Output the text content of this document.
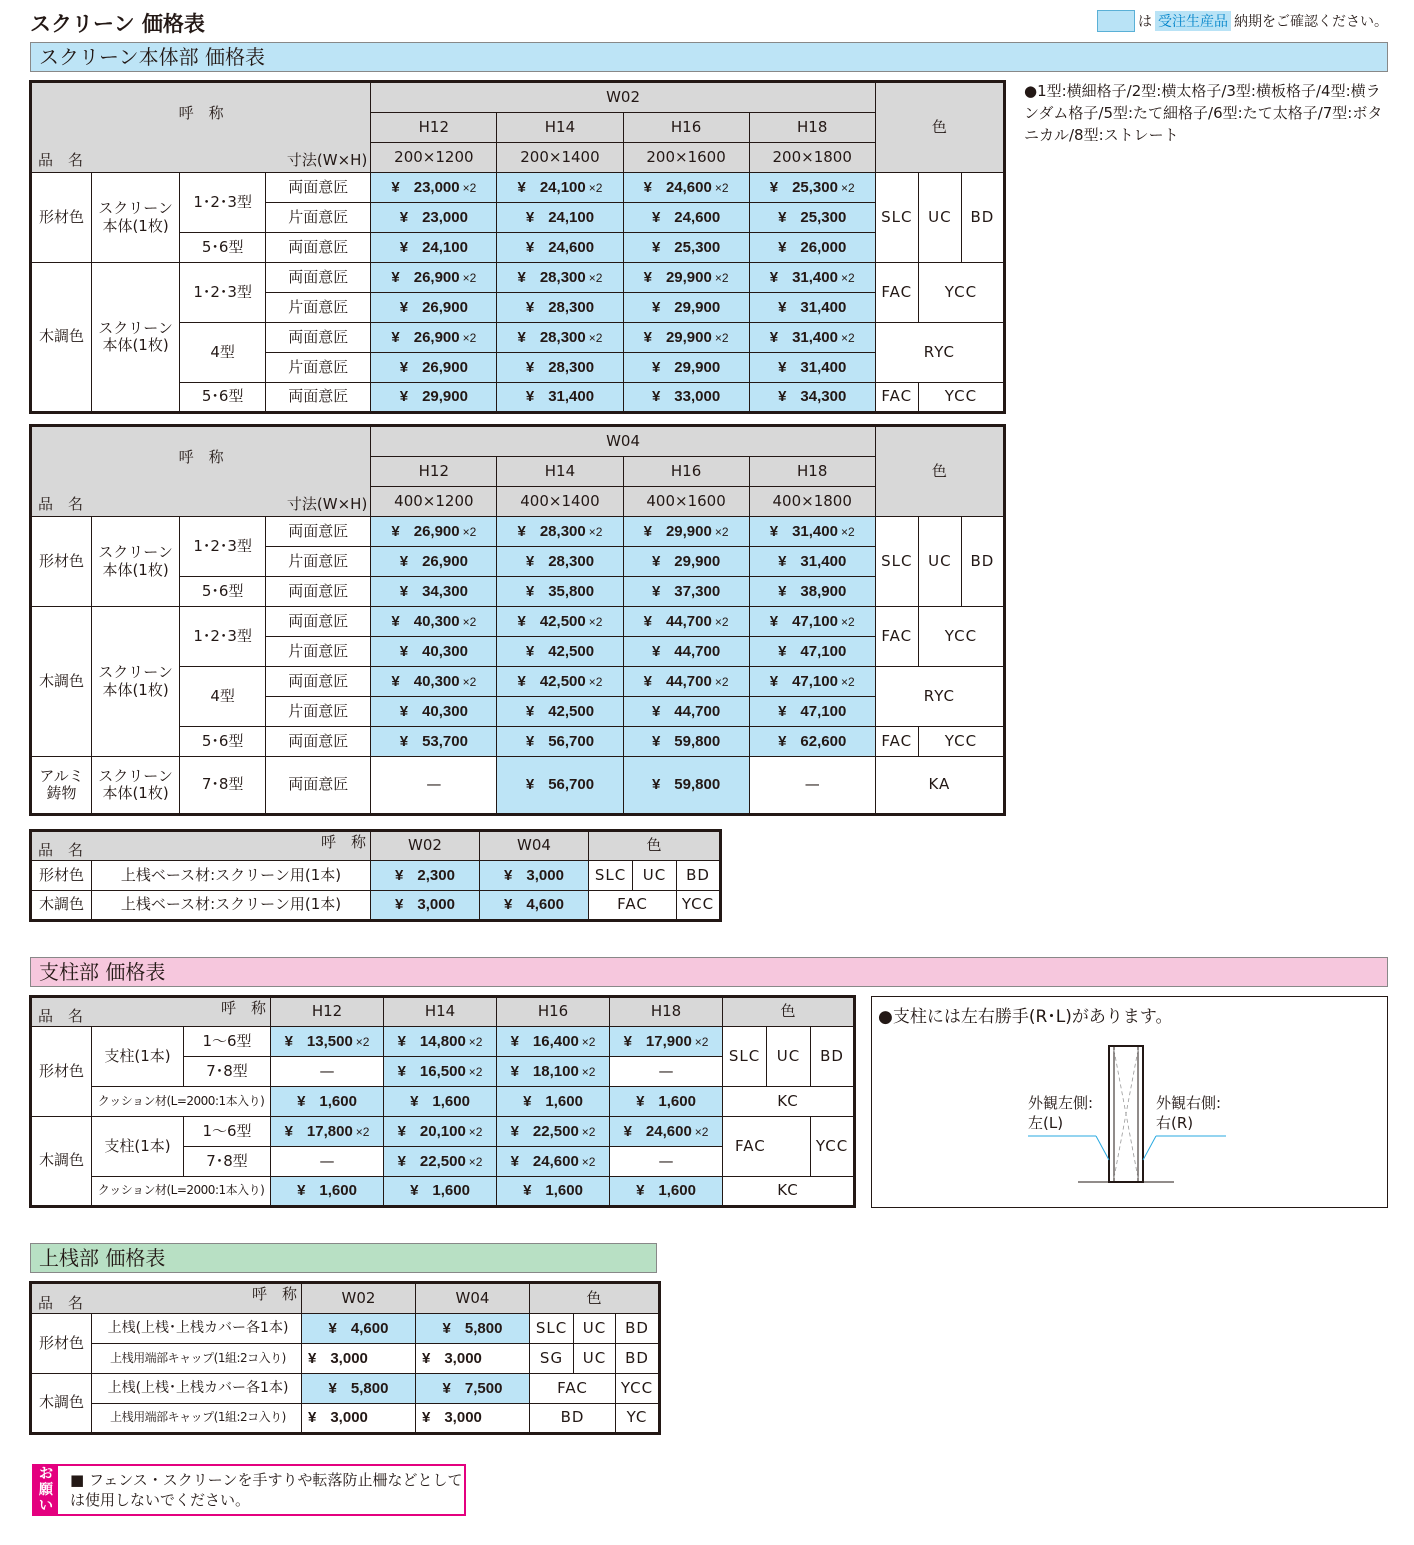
スクリーン 価格表	は 受注生産品 納期をご確認ください。
スクリーン本体部 価格表
呼　称
寸法(W×H)
品　名				W02				色		
				H12	H14	H16	H18			
				200×1200	200×1400	200×1600	200×1800			
形材色	スクリーン本体(1枚)	1･2･3型	両面意匠	¥ 23,000 ×2	¥ 24,100 ×2	¥ 24,600 ×2	¥ 25,300 ×2	SLC	UC	BD
			片面意匠	¥ 23,000	¥ 24,100	¥ 24,600	¥ 25,300			
		5･6型	両面意匠	¥ 24,100	¥ 24,600	¥ 25,300	¥ 26,000			
木調色	スクリーン本体(1枚)	1･2･3型	両面意匠	¥ 26,900 ×2	¥ 28,300 ×2	¥ 29,900 ×2	¥ 31,400 ×2	FAC	YCC	
			片面意匠	¥ 26,900	¥ 28,300	¥ 29,900	¥ 31,400			
		4型	両面意匠	¥ 26,900 ×2	¥ 28,300 ×2	¥ 29,900 ×2	¥ 31,400 ×2	RYC		
			片面意匠	¥ 26,900	¥ 28,300	¥ 29,900	¥ 31,400			
		5･6型	両面意匠	¥ 29,900	¥ 31,400	¥ 33,000	¥ 34,300	FAC	YCC	
呼　称
寸法(W×H)
品　名				W04				色		
				H12	H14	H16	H18			
				400×1200	400×1400	400×1600	400×1800			
形材色	スクリーン本体(1枚)	1･2･3型	両面意匠	¥ 26,900 ×2	¥ 28,300 ×2	¥ 29,900 ×2	¥ 31,400 ×2	SLC	UC	BD
			片面意匠	¥ 26,900	¥ 28,300	¥ 29,900	¥ 31,400			
		5･6型	両面意匠	¥ 34,300	¥ 35,800	¥ 37,300	¥ 38,900			
木調色	スクリーン本体(1枚)	1･2･3型	両面意匠	¥ 40,300 ×2	¥ 42,500 ×2	¥ 44,700 ×2	¥ 47,100 ×2	FAC	YCC	
			片面意匠	¥ 40,300	¥ 42,500	¥ 44,700	¥ 47,100			
		4型	両面意匠	¥ 40,300 ×2	¥ 42,500 ×2	¥ 44,700 ×2	¥ 47,100 ×2	RYC		
			片面意匠	¥ 40,300	¥ 42,500	¥ 44,700	¥ 47,100			
		5･6型	両面意匠	¥ 53,700	¥ 56,700	¥ 59,800	¥ 62,600	FAC	YCC	
アルミ鋳物	スクリーン本体(1枚)	7･8型	両面意匠	—	¥ 56,700	¥ 59,800	—	KA		
呼　称
品　名		W02	W04	色		
形材色	上桟ベース材:スクリーン用(1本)	¥ 2,300	¥ 3,000	SLC	UC	BD
木調色	上桟ベース材:スクリーン用(1本)	¥ 3,000	¥ 4,600	FAC		YCC
●1型:横細格子/2型:横太格子/3型:横板格子/4型:横ランダム格子/5型:たて細格子/6型:たて太格子/7型:ボタニカル/8型:ストレート
支柱部 価格表
呼　称
品　名			H12	H14	H16	H18	色		
形材色	支柱(1本)	1〜6型	¥ 13,500 ×2	¥ 14,800 ×2	¥ 16,400 ×2	¥ 17,900 ×2	SLC	UC	BD
		7･8型	—	¥ 16,500 ×2	¥ 18,100 ×2	—			
	クッション材(L=2000:1本入り)		¥ 1,600	¥ 1,600	¥ 1,600	¥ 1,600	KC		
木調色	支柱(1本)	1〜6型	¥ 17,800 ×2	¥ 20,100 ×2	¥ 22,500 ×2	¥ 24,600 ×2	FAC		YCC
		7･8型	—	¥ 22,500 ×2	¥ 24,600 ×2	—			
	クッション材(L=2000:1本入り)		¥ 1,600	¥ 1,600	¥ 1,600	¥ 1,600	KC		
●支柱には左右勝手(R･L)があります。
外観左側:
左(L)
外観右側:
右(R)
上桟部 価格表
呼　称
品　名		W02	W04	色		
形材色	上桟(上桟･上桟カバー各1本)	¥ 4,600	¥ 5,800	SLC	UC	BD
	上桟用端部キャップ(1組:2コ入り)	¥ 3,000	¥ 3,000	SG	UC	BD
木調色	上桟(上桟･上桟カバー各1本)	¥ 5,800	¥ 7,500	FAC		YCC
	上桟用端部キャップ(1組:2コ入り)	¥ 3,000	¥ 3,000	BD		YC
お願い
■ フェンス・スクリーンを手すりや転落防止柵などとしては使用しないでください。
